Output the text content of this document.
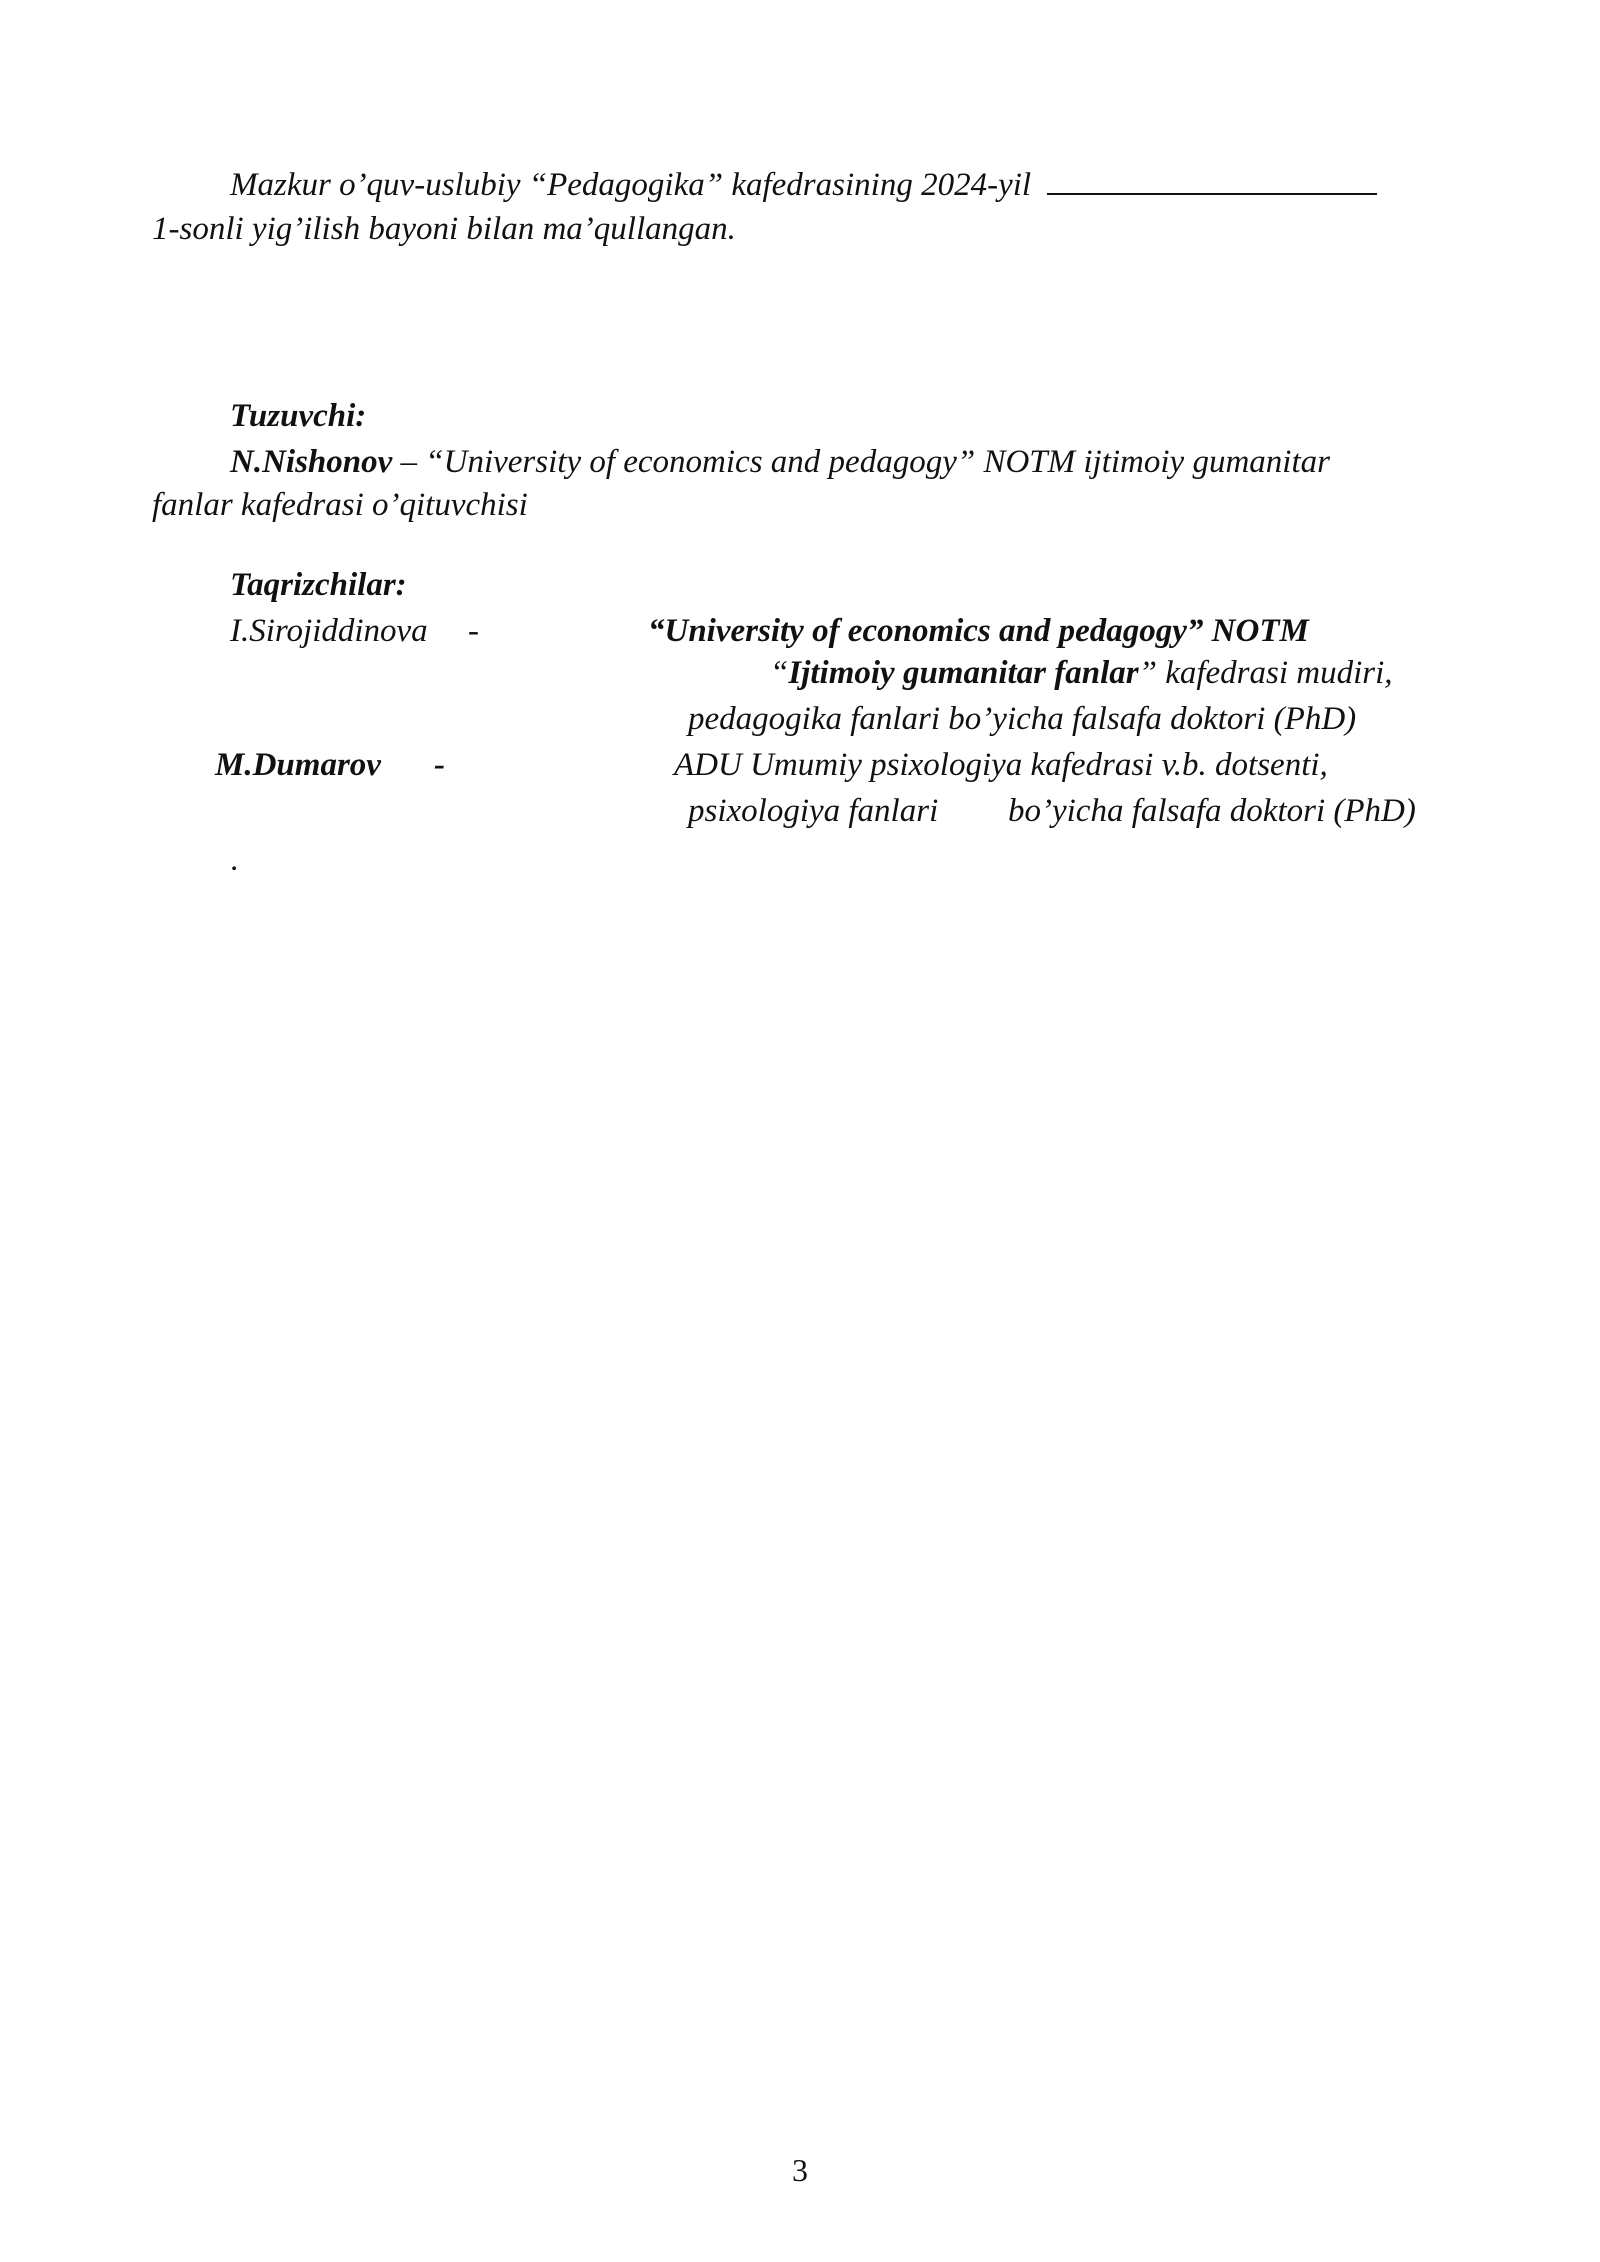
Mazkur o’quv-uslubiy “Pedagogika” kafedrasining 2024-yil
1-sonli yig’ilish bayoni bilan ma’qullangan.
Tuzuvchi:
N.Nishonov – “University of economics and pedagogy” NOTM ijtimoiy gumanitar
fanlar kafedrasi o’qituvchisi
Taqrizchilar:
I.Sirojiddinova -	“University of economics and pedagogy” NOTM
“Ijtimoiy gumanitar fanlar” kafedrasi mudiri,
pedagogika fanlari bo’yicha falsafa doktori (PhD)
M.Dumarov -	ADU Umumiy psixologiya kafedrasi v.b. dotsenti,
psixologiya fanlari bo’yicha falsafa doktori (PhD)
.
3
